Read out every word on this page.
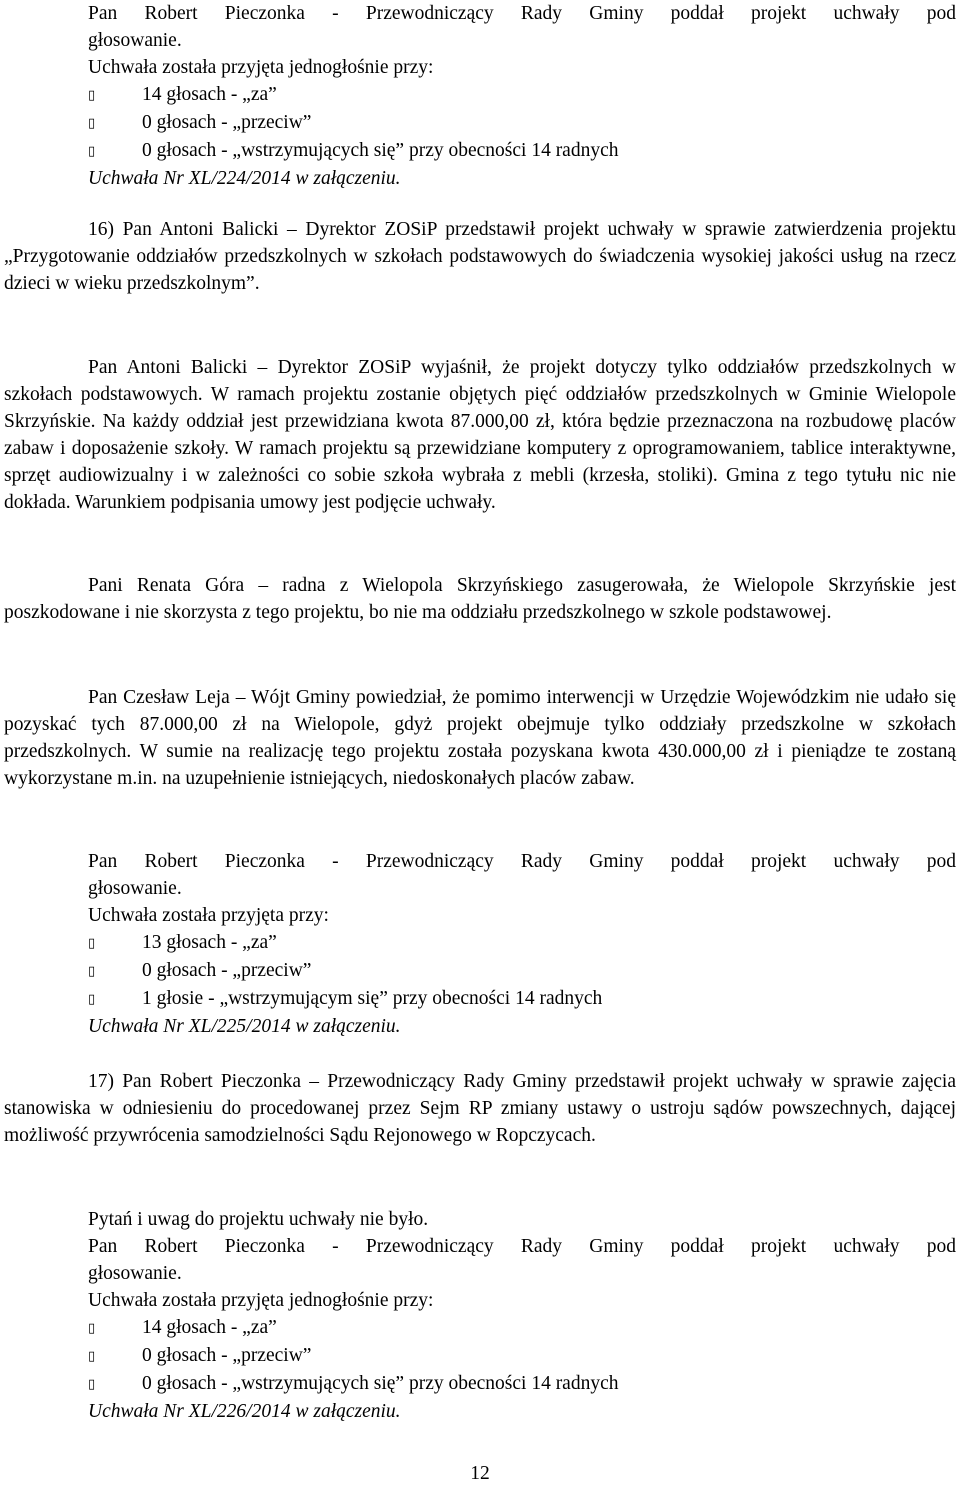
Pan Robert Pieczonka - Przewodniczący Rady Gminy poddał projekt uchwały pod
głosowanie.
Uchwała została przyjęta jednogłośnie przy:
▯ 14 głosach - „za”
▯ 0 głosach - „przeciw”
▯ 0 głosach - „wstrzymujących się” przy obecności 14 radnych
Uchwała Nr XL/224/2014 w załączeniu.
16) Pan Antoni Balicki – Dyrektor ZOSiP przedstawił projekt uchwały w sprawie zatwierdzenia projektu „Przygotowanie oddziałów przedszkolnych w szkołach podstawowych do świadczenia wysokiej jakości usług na rzecz dzieci w wieku przedszkolnym”.
Pan Antoni Balicki – Dyrektor ZOSiP wyjaśnił, że projekt dotyczy tylko oddziałów przedszkolnych w szkołach podstawowych. W ramach projektu zostanie objętych pięć oddziałów przedszkolnych w Gminie Wielopole Skrzyńskie. Na każdy oddział jest przewidziana kwota 87.000,00 zł, która będzie przeznaczona na rozbudowę placów zabaw i doposażenie szkoły. W ramach projektu są przewidziane komputery z oprogramowaniem, tablice interaktywne, sprzęt audiowizualny i w zależności co sobie szkoła wybrała z mebli (krzesła, stoliki). Gmina z tego tytułu nic nie dokłada. Warunkiem podpisania umowy jest podjęcie uchwały.
Pani Renata Góra – radna z Wielopola Skrzyńskiego zasugerowała, że Wielopole Skrzyńskie jest poszkodowane i nie skorzysta z tego projektu, bo nie ma oddziału przedszkolnego w szkole podstawowej.
Pan Czesław Leja – Wójt Gminy powiedział, że pomimo interwencji w Urzędzie Wojewódzkim nie udało się pozyskać tych 87.000,00 zł na Wielopole, gdyż projekt obejmuje tylko oddziały przedszkolne w szkołach przedszkolnych. W sumie na realizację tego projektu została pozyskana kwota 430.000,00 zł i pieniądze te zostaną wykorzystane m.in. na uzupełnienie istniejących, niedoskonałych placów zabaw.
Pan Robert Pieczonka - Przewodniczący Rady Gminy poddał projekt uchwały pod
głosowanie.
Uchwała została przyjęta przy:
▯ 13 głosach - „za”
▯ 0 głosach - „przeciw”
▯ 1 głosie - „wstrzymującym się” przy obecności 14 radnych
Uchwała Nr XL/225/2014 w załączeniu.
17) Pan Robert Pieczonka – Przewodniczący Rady Gminy przedstawił projekt uchwały w sprawie zajęcia stanowiska w odniesieniu do procedowanej przez Sejm RP zmiany ustawy o ustroju sądów powszechnych, dającej możliwość przywrócenia samodzielności Sądu Rejonowego w Ropczycach.
Pytań i uwag do projektu uchwały nie było.
Pan Robert Pieczonka - Przewodniczący Rady Gminy poddał projekt uchwały pod
głosowanie.
Uchwała została przyjęta jednogłośnie przy:
▯ 14 głosach - „za”
▯ 0 głosach - „przeciw”
▯ 0 głosach - „wstrzymujących się” przy obecności 14 radnych
Uchwała Nr XL/226/2014 w załączeniu.
12
